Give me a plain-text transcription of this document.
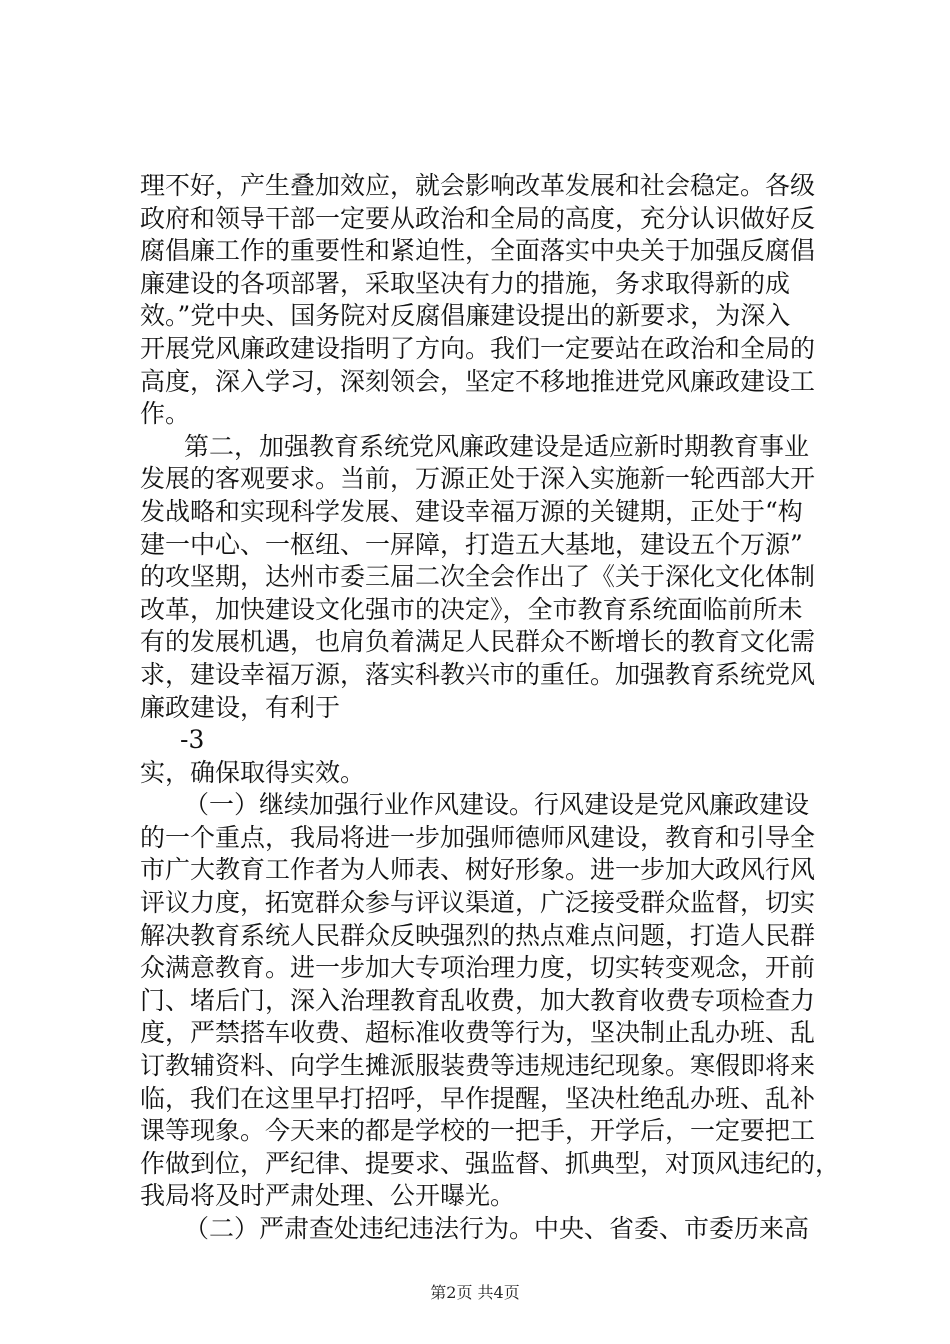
理不好，产生叠加效应，就会影响改革发展和社会稳定。各级
政府和领导干部一定要从政治和全局的高度，充分认识做好反
腐倡廉工作的重要性和紧迫性，全面落实中央关于加强反腐倡
廉建设的各项部署，采取坚决有力的措施，务求取得新的成
效。”党中央、国务院对反腐倡廉建设提出的新要求，为深入
开展党风廉政建设指明了方向。我们一定要站在政治和全局的
高度，深入学习，深刻领会，坚定不移地推进党风廉政建设工
作。
第二，加强教育系统党风廉政建设是适应新时期教育事业
发展的客观要求。当前，万源正处于深入实施新一轮西部大开
发战略和实现科学发展、建设幸福万源的关键期，正处于“构
建一中心、一枢纽、一屏障，打造五大基地，建设五个万源”
的攻坚期，达州市委三届二次全会作出了《关于深化文化体制
改革，加快建设文化强市的决定》，全市教育系统面临前所未
有的发展机遇，也肩负着满足人民群众不断增长的教育文化需
求，建设幸福万源，落实科教兴市的重任。加强教育系统党风
廉政建设，有利于
-3
实，确保取得实效。
（一）继续加强行业作风建设。行风建设是党风廉政建设
的一个重点，我局将进一步加强师德师风建设，教育和引导全
市广大教育工作者为人师表、树好形象。进一步加大政风行风
评议力度，拓宽群众参与评议渠道，广泛接受群众监督，切实
解决教育系统人民群众反映强烈的热点难点问题，打造人民群
众满意教育。进一步加大专项治理力度，切实转变观念，开前
门、堵后门，深入治理教育乱收费，加大教育收费专项检查力
度，严禁搭车收费、超标准收费等行为，坚决制止乱办班、乱
订教辅资料、向学生摊派服装费等违规违纪现象。寒假即将来
临，我们在这里早打招呼，早作提醒，坚决杜绝乱办班、乱补
课等现象。今天来的都是学校的一把手，开学后，一定要把工
作做到位，严纪律、提要求、强监督、抓典型，对顶风违纪的，
我局将及时严肃处理、公开曝光。
（二）严肃查处违纪违法行为。中央、省委、市委历来高
第2页 共4页
